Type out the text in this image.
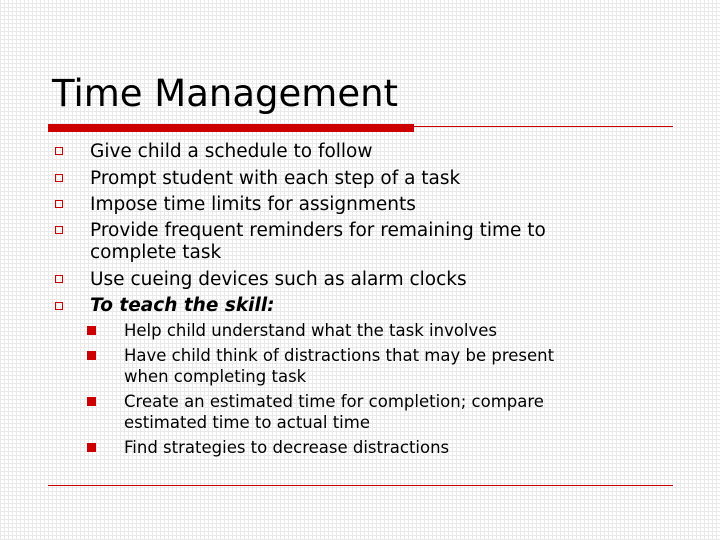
Time Management
Give child a schedule to follow
Prompt student with each step of a task
Impose time limits for assignments
Provide frequent reminders for remaining time to
complete task
Use cueing devices such as alarm clocks
To teach the skill:
Help child understand what the task involves
Have child think of distractions that may be present
when completing task
Create an estimated time for completion; compare
estimated time to actual time
Find strategies to decrease distractions
